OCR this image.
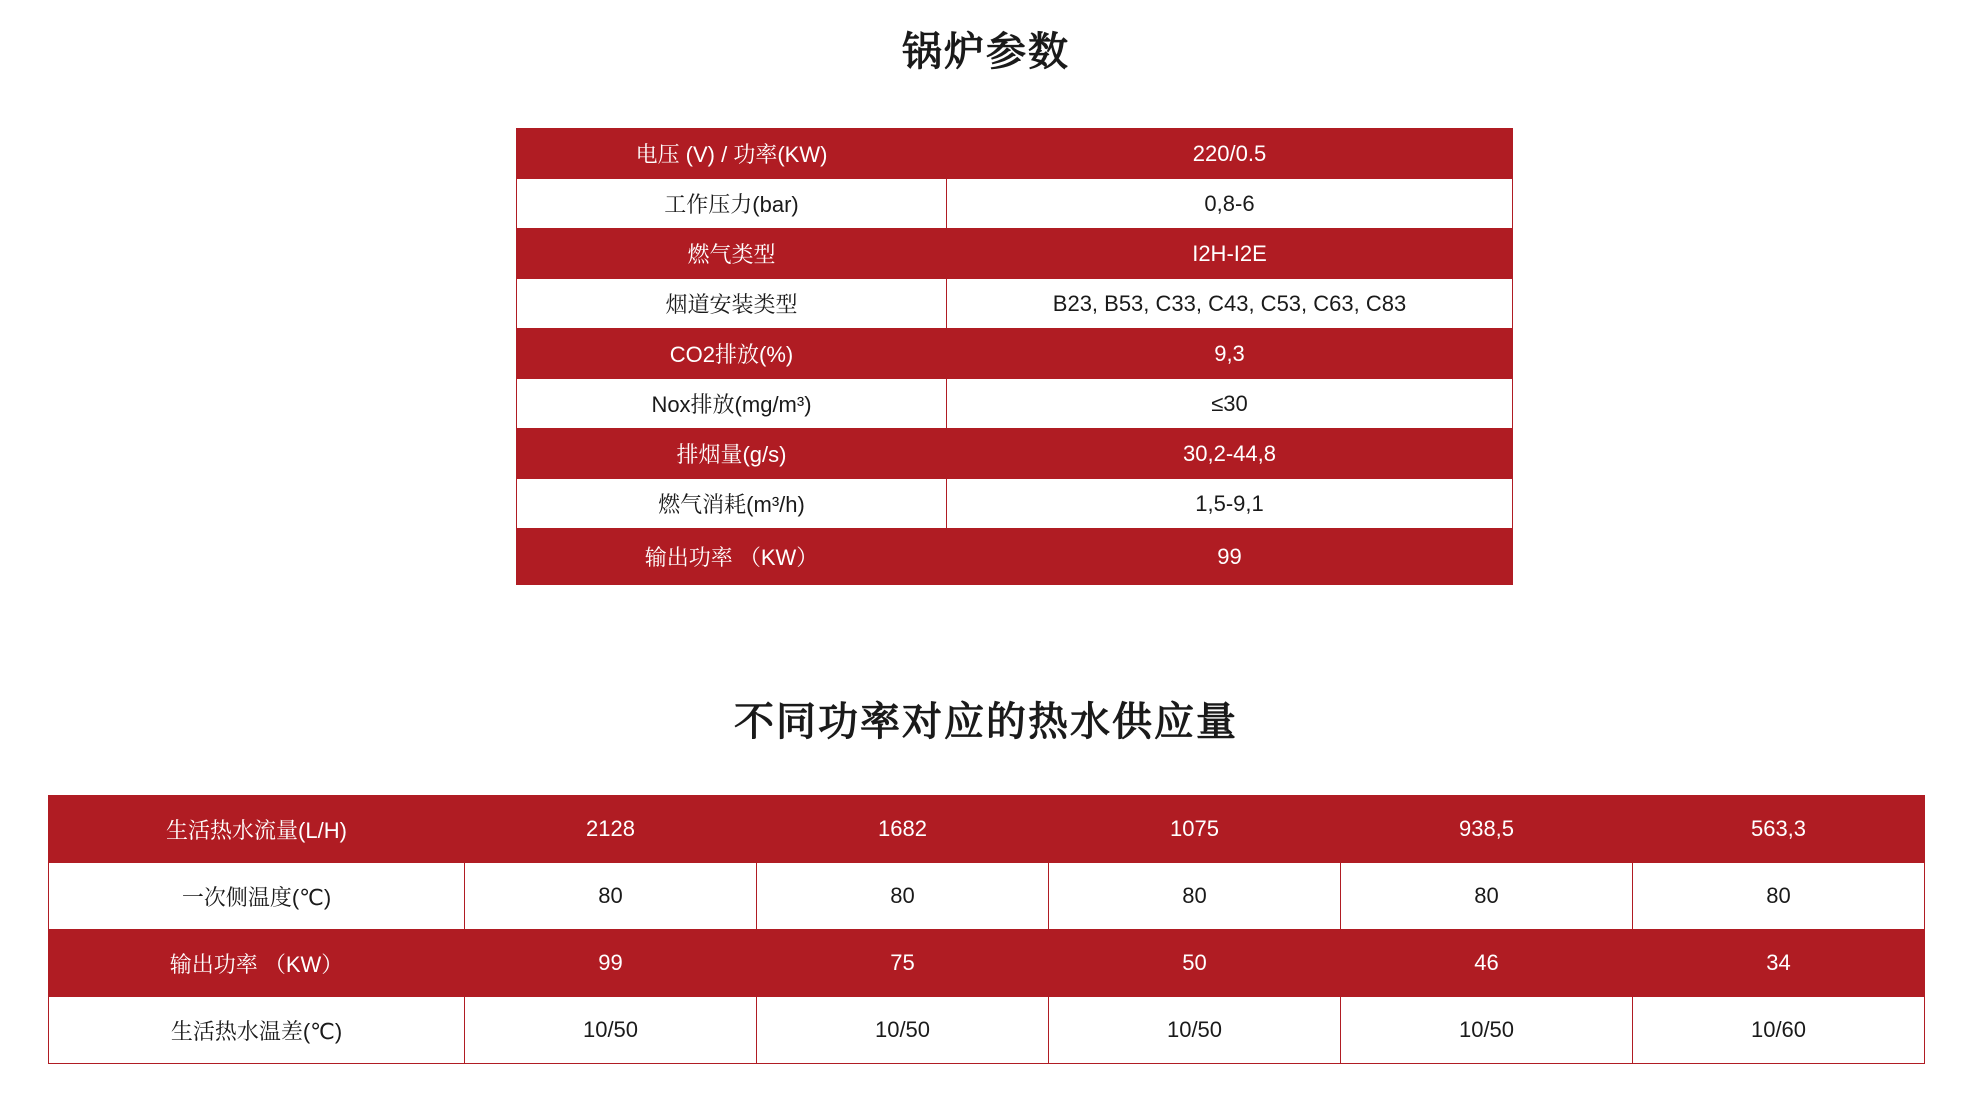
锅炉参数
电压 (V) / 功率(KW)	220/0.5
工作压力(bar)	0,8-6
燃气类型	I2H-I2E
烟道安装类型	B23, B53, C33, C43, C53, C63, C83
CO2排放(%)	9,3
Nox排放(mg/m³)	≤30
排烟量(g/s)	30,2-44,8
燃气消耗(m³/h)	1,5-9,1
输出功率 （KW）	99
不同功率对应的热水供应量
生活热水流量(L/H)	2128	1682	1075	938,5	563,3
一次侧温度(℃)	80	80	80	80	80
输出功率 （KW）	99	75	50	46	34
生活热水温差(℃)	10/50	10/50	10/50	10/50	10/60
